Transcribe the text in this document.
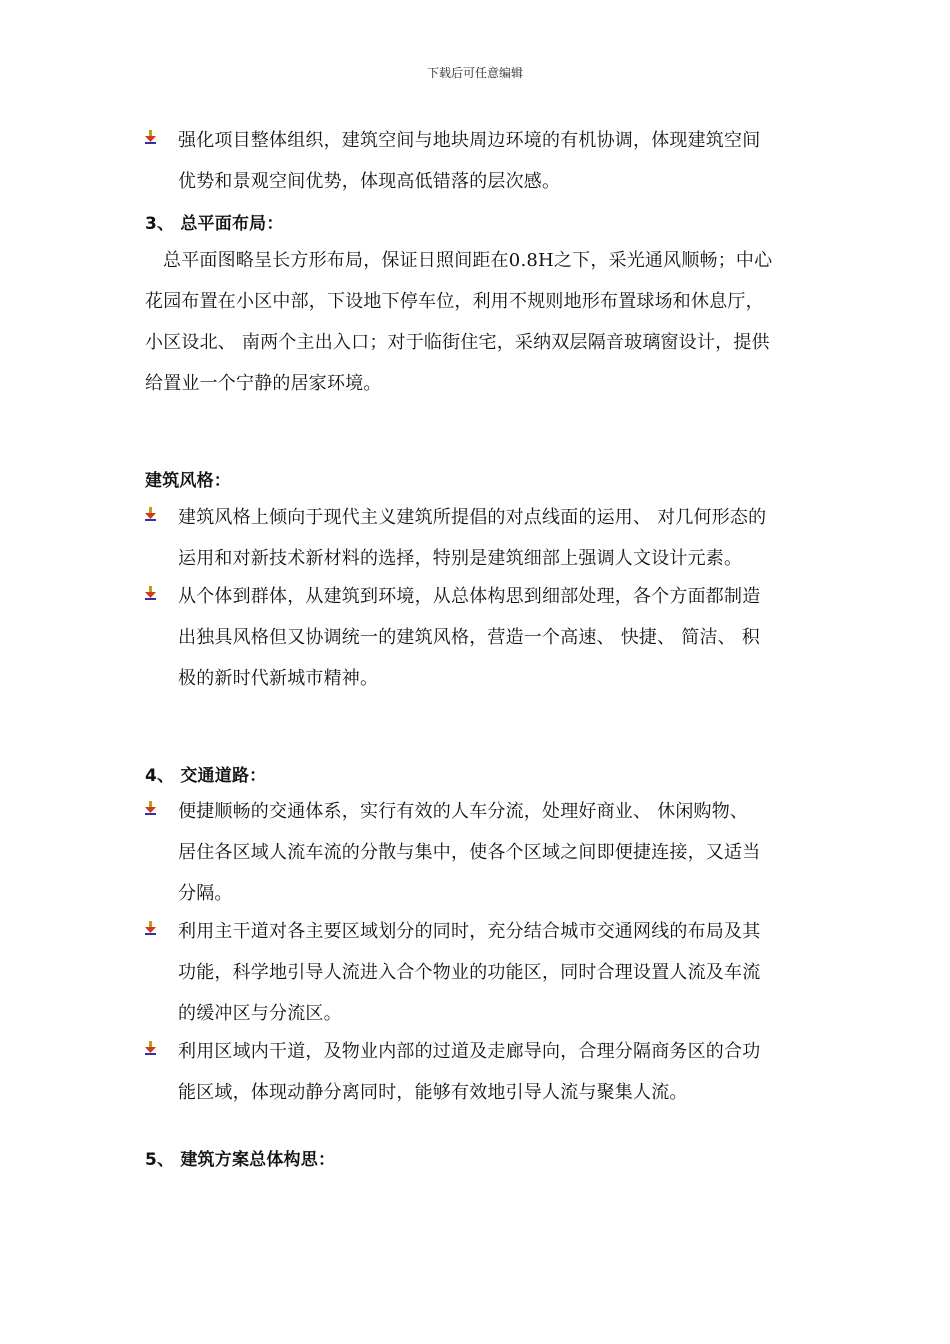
下载后可任意编辑
强化项目整体组织，建筑空间与地块周边环境的有机协调，体现建筑空间
优势和景观空间优势，体现高低错落的层次感。
3、 总平面布局：
总平面图略呈长方形布局，保证日照间距在0.8H之下，采光通风顺畅；中心
花园布置在小区中部，下设地下停车位，利用不规则地形布置球场和休息厅，
小区设北、 南两个主出入口；对于临街住宅，采纳双层隔音玻璃窗设计，提供
给置业一个宁静的居家环境。
建筑风格：
建筑风格上倾向于现代主义建筑所提倡的对点线面的运用、 对几何形态的
运用和对新技术新材料的选择，特别是建筑细部上强调人文设计元素。
从个体到群体，从建筑到环境，从总体构思到细部处理，各个方面都制造
出独具风格但又协调统一的建筑风格，营造一个高速、 快捷、 简洁、 积
极的新时代新城市精神。
4、 交通道路：
便捷顺畅的交通体系，实行有效的人车分流，处理好商业、 休闲购物、
居住各区域人流车流的分散与集中，使各个区域之间即便捷连接，又适当
分隔。
利用主干道对各主要区域划分的同时，充分结合城市交通网线的布局及其
功能，科学地引导人流进入合个物业的功能区，同时合理设置人流及车流
的缓冲区与分流区。
利用区域内干道，及物业内部的过道及走廊导向，合理分隔商务区的合功
能区域，体现动静分离同时，能够有效地引导人流与聚集人流。
5、 建筑方案总体构思：
